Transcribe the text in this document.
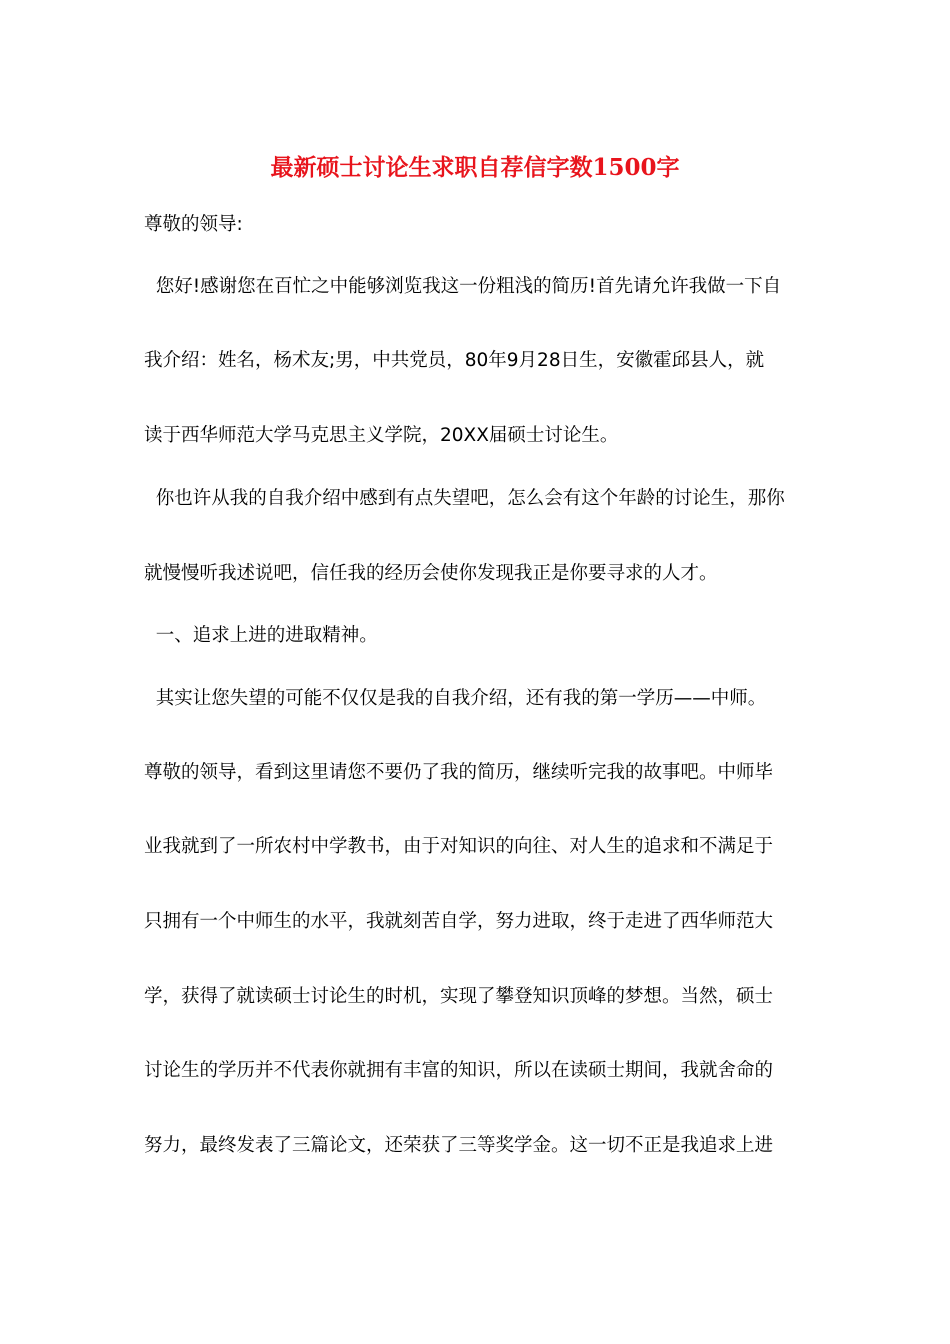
最新硕士讨论生求职自荐信字数1500字
尊敬的领导:
您好!感谢您在百忙之中能够浏览我这一份粗浅的简历!首先请允许我做一下自
我介绍：姓名，杨术友;男，中共党员，80年9月28日生，安徽霍邱县人，就
读于西华师范大学马克思主义学院，20XX届硕士讨论生。
你也许从我的自我介绍中感到有点失望吧，怎么会有这个年龄的讨论生，那你
就慢慢听我述说吧，信任我的经历会使你发现我正是你要寻求的人才。
一、追求上进的进取精神。
其实让您失望的可能不仅仅是我的自我介绍，还有我的第一学历——中师。
尊敬的领导，看到这里请您不要仍了我的简历，继续听完我的故事吧。中师毕
业我就到了一所农村中学教书，由于对知识的向往、对人生的追求和不满足于
只拥有一个中师生的水平，我就刻苦自学，努力进取，终于走进了西华师范大
学，获得了就读硕士讨论生的时机，实现了攀登知识顶峰的梦想。当然，硕士
讨论生的学历并不代表你就拥有丰富的知识，所以在读硕士期间，我就舍命的
努力，最终发表了三篇论文，还荣获了三等奖学金。这一切不正是我追求上进
